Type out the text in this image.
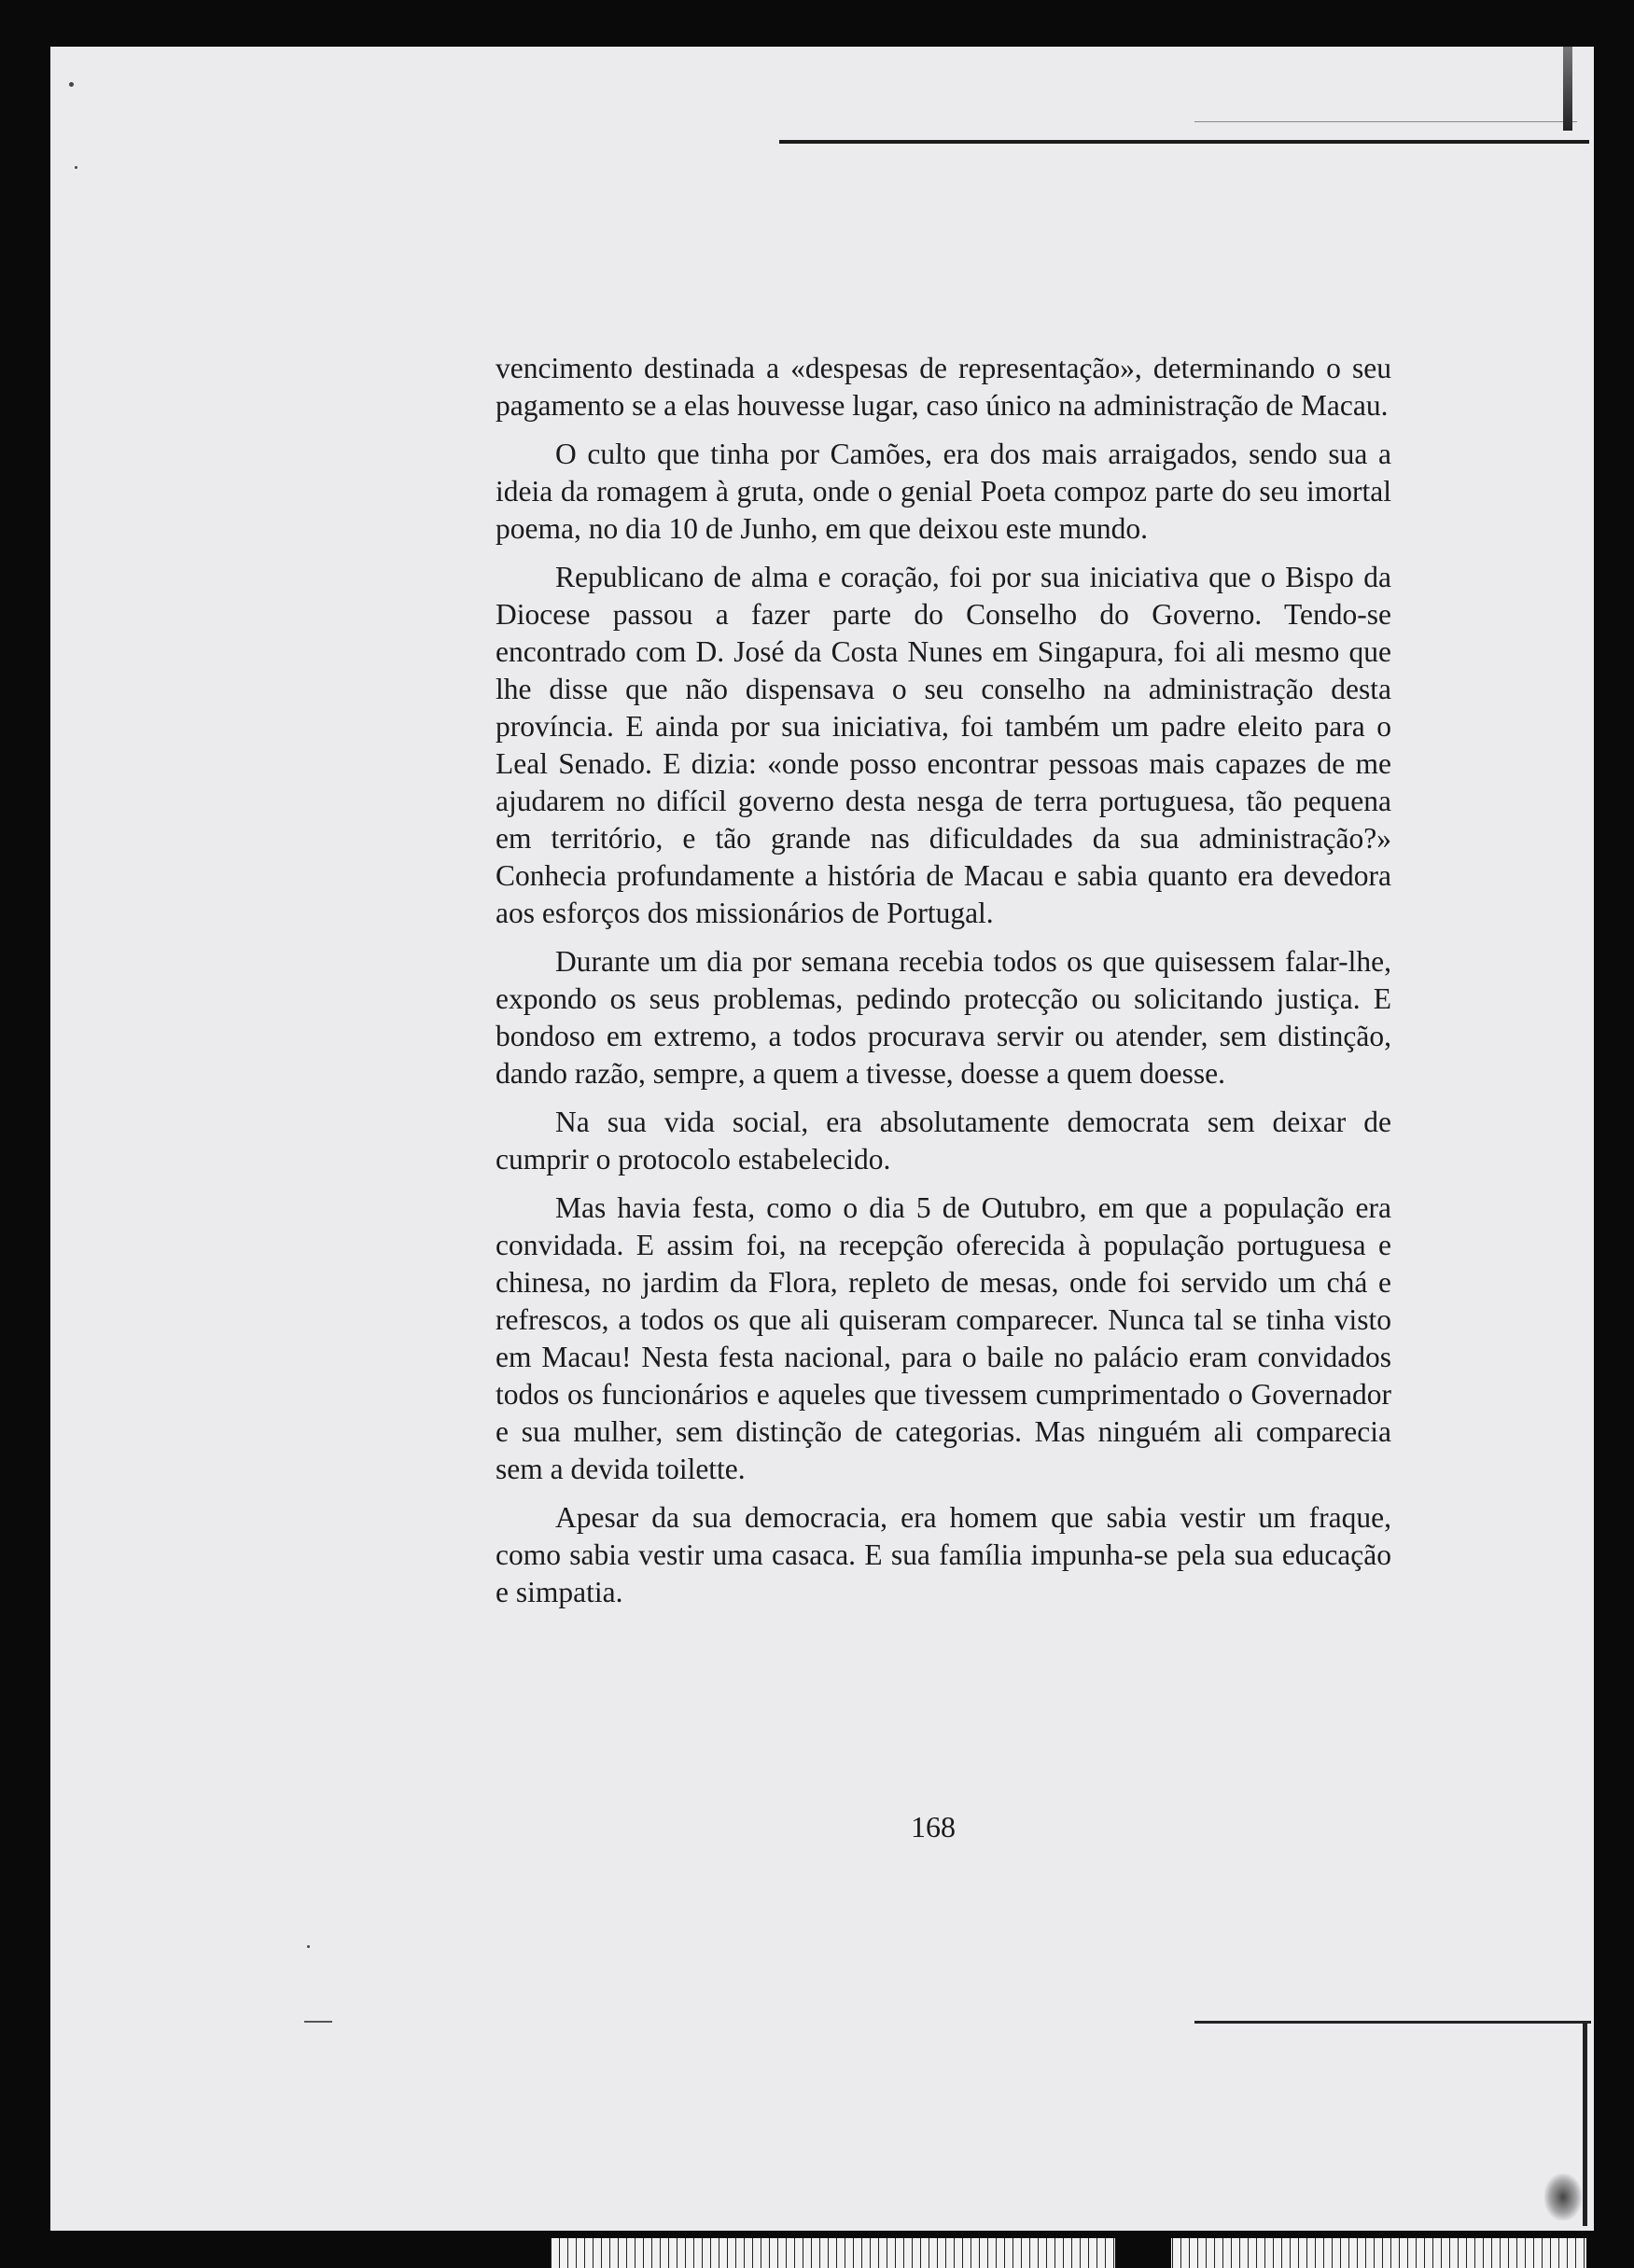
vencimento destinada a «despesas de representação», determinando o seu pagamento se a elas houvesse lugar, caso único na administração de Macau.

O culto que tinha por Camões, era dos mais arraigados, sendo sua a ideia da romagem à gruta, onde o genial Poeta compoz parte do seu imortal poema, no dia 10 de Junho, em que deixou este mundo.

Republicano de alma e coração, foi por sua iniciativa que o Bispo da Diocese passou a fazer parte do Conselho do Governo. Tendo-se encontrado com D. José da Costa Nunes em Singapura, foi ali mesmo que lhe disse que não dispensava o seu conselho na administração desta província. E ainda por sua iniciativa, foi também um padre eleito para o Leal Senado. E dizia: «onde posso encontrar pessoas mais capazes de me ajudarem no difícil governo desta nesga de terra portuguesa, tão pequena em território, e tão grande nas dificuldades da sua administração?» Conhecia profundamente a história de Macau e sabia quanto era devedora aos esforços dos missionários de Portugal.

Durante um dia por semana recebia todos os que quisessem falar-lhe, expondo os seus problemas, pedindo protecção ou solicitando justiça. E bondoso em extremo, a todos procurava servir ou atender, sem distinção, dando razão, sempre, a quem a tivesse, doesse a quem doesse.

Na sua vida social, era absolutamente democrata sem deixar de cumprir o protocolo estabelecido.

Mas havia festa, como o dia 5 de Outubro, em que a população era convidada. E assim foi, na recepção oferecida à população portuguesa e chinesa, no jardim da Flora, repleto de mesas, onde foi servido um chá e refrescos, a todos os que ali quiseram comparecer. Nunca tal se tinha visto em Macau! Nesta festa nacional, para o baile no palácio eram convidados todos os funcionários e aqueles que tivessem cumprimentado o Governador e sua mulher, sem distinção de categorias. Mas ninguém ali comparecia sem a devida toilette.

Apesar da sua democracia, era homem que sabia vestir um fraque, como sabia vestir uma casaca. E sua família impunha-se pela sua educação e simpatia.

168
